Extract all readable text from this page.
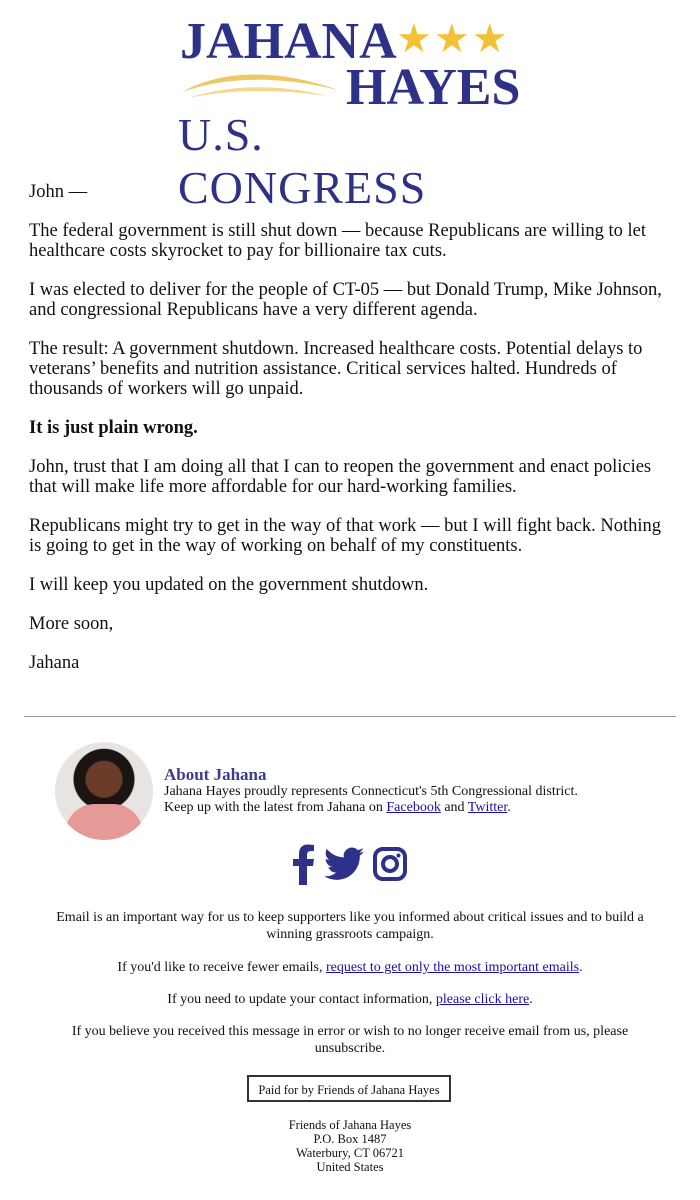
JAHANA ★★★
HAYES
U.S. CONGRESS

John —

The federal government is still shut down — because Republicans are willing to let healthcare costs skyrocket to pay for billionaire tax cuts.

I was elected to deliver for the people of CT-05 — but Donald Trump, Mike Johnson, and congressional Republicans have a very different agenda.

The result: A government shutdown. Increased healthcare costs. Potential delays to veterans’ benefits and nutrition assistance. Critical services halted. Hundreds of thousands of workers will go unpaid.

It is just plain wrong.

John, trust that I am doing all that I can to reopen the government and enact policies that will make life more affordable for our hard-working families.

Republicans might try to get in the way of that work — but I will fight back. Nothing is going to get in the way of working on behalf of my constituents.

I will keep you updated on the government shutdown.

More soon,

Jahana

About Jahana
Jahana Hayes proudly represents Connecticut's 5th Congressional district.
Keep up with the latest from Jahana on Facebook and Twitter.
Email is an important way for us to keep supporters like you informed about critical issues and to build a winning grassroots campaign.
If you'd like to receive fewer emails, request to get only the most important emails.
If you need to update your contact information, please click here.
If you believe you received this message in error or wish to no longer receive email from us, please unsubscribe.
Paid for by Friends of Jahana Hayes
Friends of Jahana Hayes
P.O. Box 1487
Waterbury, CT 06721
United States
